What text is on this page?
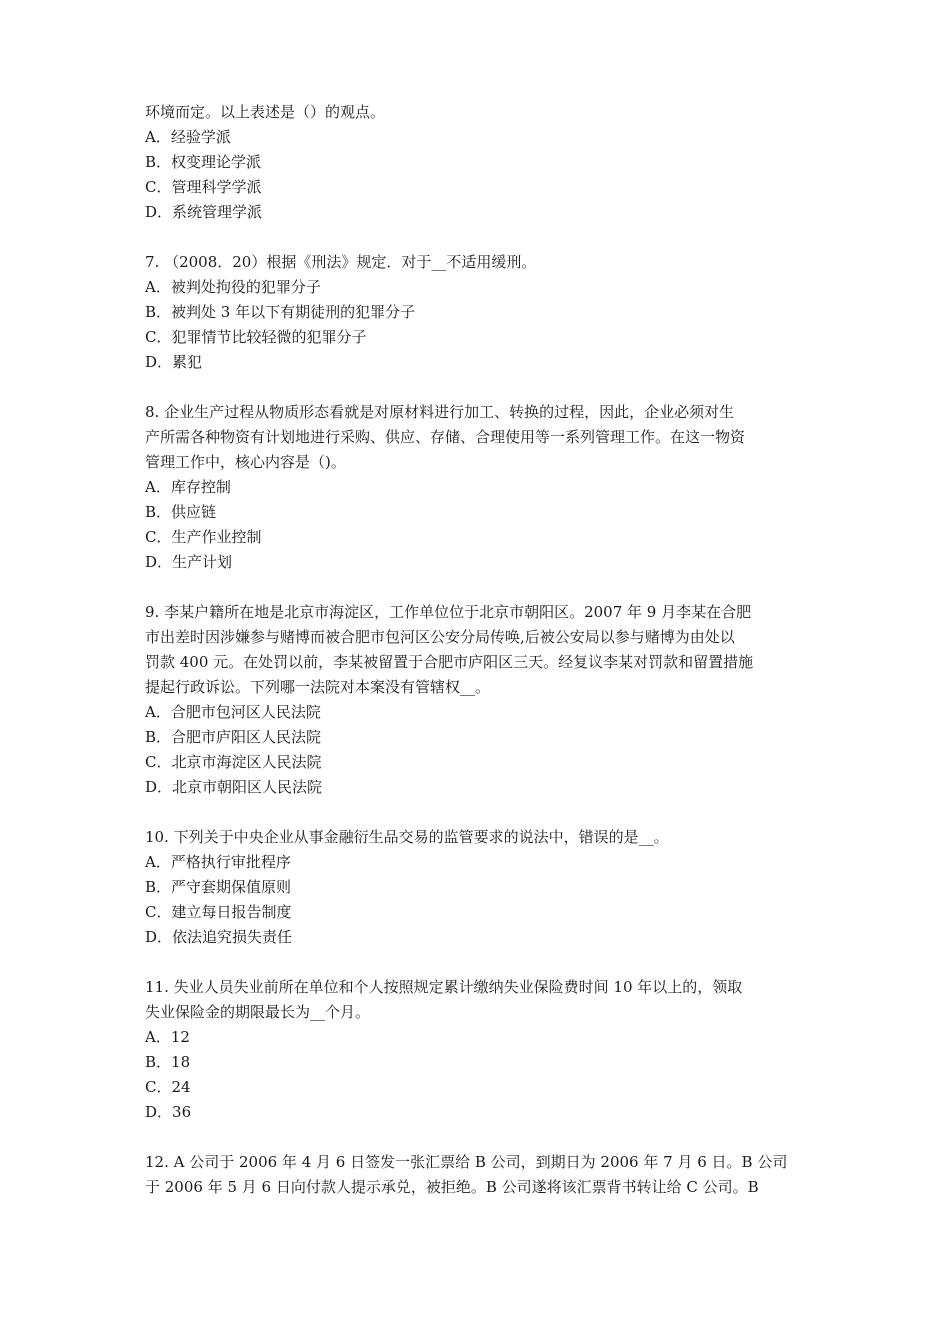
环境而定。以上表述是（）的观点。
A．经验学派
B．权变理论学派
C．管理科学学派
D．系统管理学派
7. （2008．20）根据《刑法》规定．对于__不适用缓刑。
A．被判处拘役的犯罪分子
B．被判处 3 年以下有期徒刑的犯罪分子
C．犯罪情节比较轻微的犯罪分子
D．累犯
8. 企业生产过程从物质形态看就是对原材料进行加工、转换的过程，因此，企业必须对生
产所需各种物资有计划地进行采购、供应、存储、合理使用等一系列管理工作。在这一物资
管理工作中，核心内容是（)。
A．库存控制
B．供应链
C．生产作业控制
D．生产计划
9. 李某户籍所在地是北京市海淀区，工作单位位于北京市朝阳区。2007 年 9 月李某在合肥
市出差时因涉嫌参与赌博而被合肥市包河区公安分局传唤,后被公安局以参与赌博为由处以
罚款 400 元。在处罚以前，李某被留置于合肥市庐阳区三天。经复议李某对罚款和留置措施
提起行政诉讼。下列哪一法院对本案没有管辖权__。
A．合肥市包河区人民法院
B．合肥市庐阳区人民法院
C．北京市海淀区人民法院
D．北京市朝阳区人民法院
10. 下列关于中央企业从事金融衍生品交易的监管要求的说法中，错误的是__。
A．严格执行审批程序
B．严守套期保值原则
C．建立每日报告制度
D．依法追究损失责任
11. 失业人员失业前所在单位和个人按照规定累计缴纳失业保险费时间 10 年以上的，领取
失业保险金的期限最长为__个月。
A．12
B．18
C．24
D．36
12. A 公司于 2006 年 4 月 6 日签发一张汇票给 B 公司，到期日为 2006 年 7 月 6 日。B 公司
于 2006 年 5 月 6 日向付款人提示承兑，被拒绝。B 公司遂将该汇票背书转让给 C 公司。B
